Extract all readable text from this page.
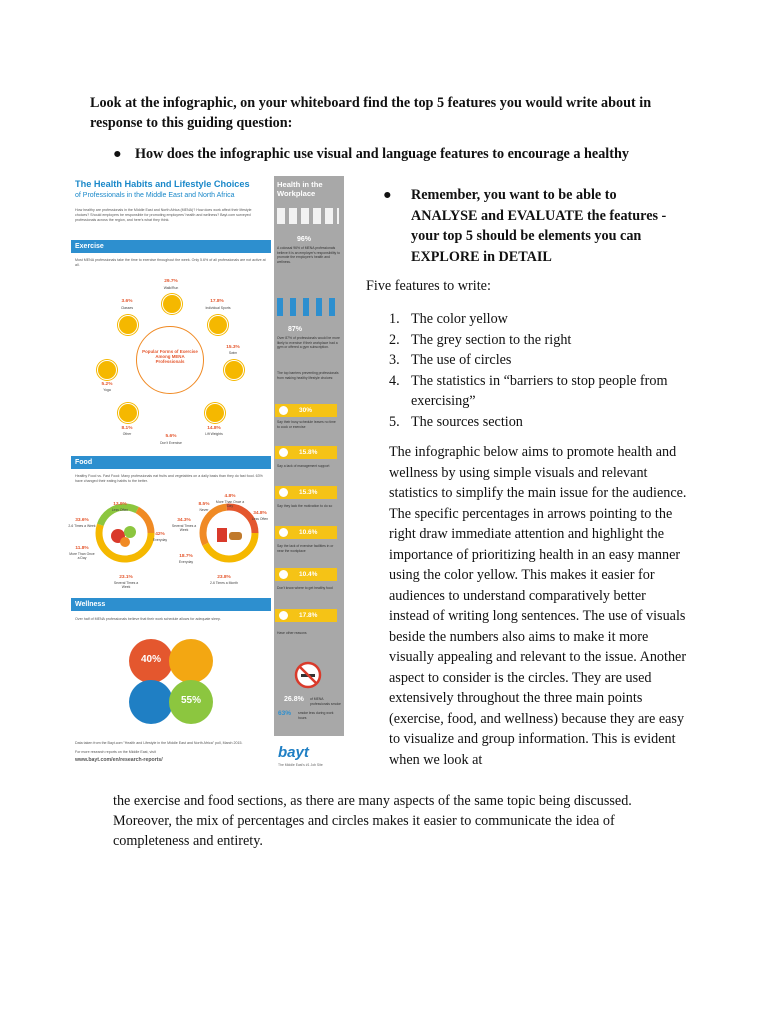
Look at the infographic, on your whiteboard find the top 5 features you would write about in response to this guiding question:
● How does the infographic use visual and language features to encourage a healthy
● Remember, you want to be able to ANALYSE and EVALUATE the features - your top 5 should be elements you can EXPLORE in DETAIL
Five features to write:
1. The color yellow
2. The grey section to the right
3. The use of circles
4. The statistics in “barriers to stop people from exercising”
5. The sources section
The infographic below aims to promote health and wellness by using simple visuals and relevant statistics to simplify the main issue for the audience. The specific percentages in arrows pointing to the right draw immediate attention and highlight the importance of prioritizing health in an easy manner using the color yellow. This makes it easier for audiences to understand comparatively better instead of writing long sentences. The use of visuals beside the numbers also aims to make it more visually appealing and relevant to the issue. Another aspect to consider is the circles. They are used extensively throughout the three main points (exercise, food, and wellness) because they are easy to visualize and group information. This is evident when we look at
the exercise and food sections, as there are many aspects of the same topic being discussed. Moreover, the mix of percentages and circles makes it easier to communicate the idea of completeness and entirety.
The Health Habits and Lifestyle Choices
of Professionals in the Middle East and North Africa
How healthy are professionals in the Middle East and North Africa (MENA)? How does work affect their lifestyle choices? Should employers be responsible for promoting employees' health and wellness? Bayt.com surveyed professionals across the region, and here's what they think.
Exercise
Most MENA professionals take the time to exercise throughout the week. Only 5.6% of all professionals are not active at all.
Popular Forms of Exercise Among MENA Professionals
29.7%
Walk/Run
17.8%
Individual Sports
15.3%
Swim
14.8%
Lift Weights
5.6%
Don't Exercise
8.1%
Other
5.2%
Yoga
3.6%
Classes
Food
Healthy Food vs. Fast Food: Many professionals eat fruits and vegetables on a daily basis than they do fast food. 63% have changed their eating habits to the better.
13.9%
Less Often
33.6%
2-6 Times a Week
11.8%
More Than Once a Day
42%
Everyday
23.1%
Several Times a Week
8.5%
Never
4.8%
More Than Once a Day
34.3%
Several Times a Week
34.8%
Less Often
18.7%
Everyday
23.8%
2-6 Times a Month
Wellness
Over half of MENA professionals believe that their work schedule allows for adequate sleep.
40%
55%
Data taken from the Bayt.com "Health and Lifestyle in the Middle East and North Africa" poll, March 2015.
For more research reports on the Middle East, visit
www.bayt.com/en/research-reports/	bayt
The Middle East's #1 Job Site
Health in the Workplace
96%
A colossal 96% of MENA professionals believe it is an employer's responsibility to promote the employee's health and wellness.
87%
Over 87% of professionals would be more likely to exercise if their workplace had a gym or offered a gym subscription.
The top barriers preventing professionals from making healthy lifestyle choices:
30%
Say their busy schedule leaves no time to cook or exercise
15.8%
Say a lack of management support
15.3%
Say they lack the motivation to do so
10.6%
Say the lack of exercise facilities in or near the workplace
10.4%
Don't know where to get healthy food
17.8%
Have other reasons
26.8% of MENA professionals smoke
63% smoke less during work hours
